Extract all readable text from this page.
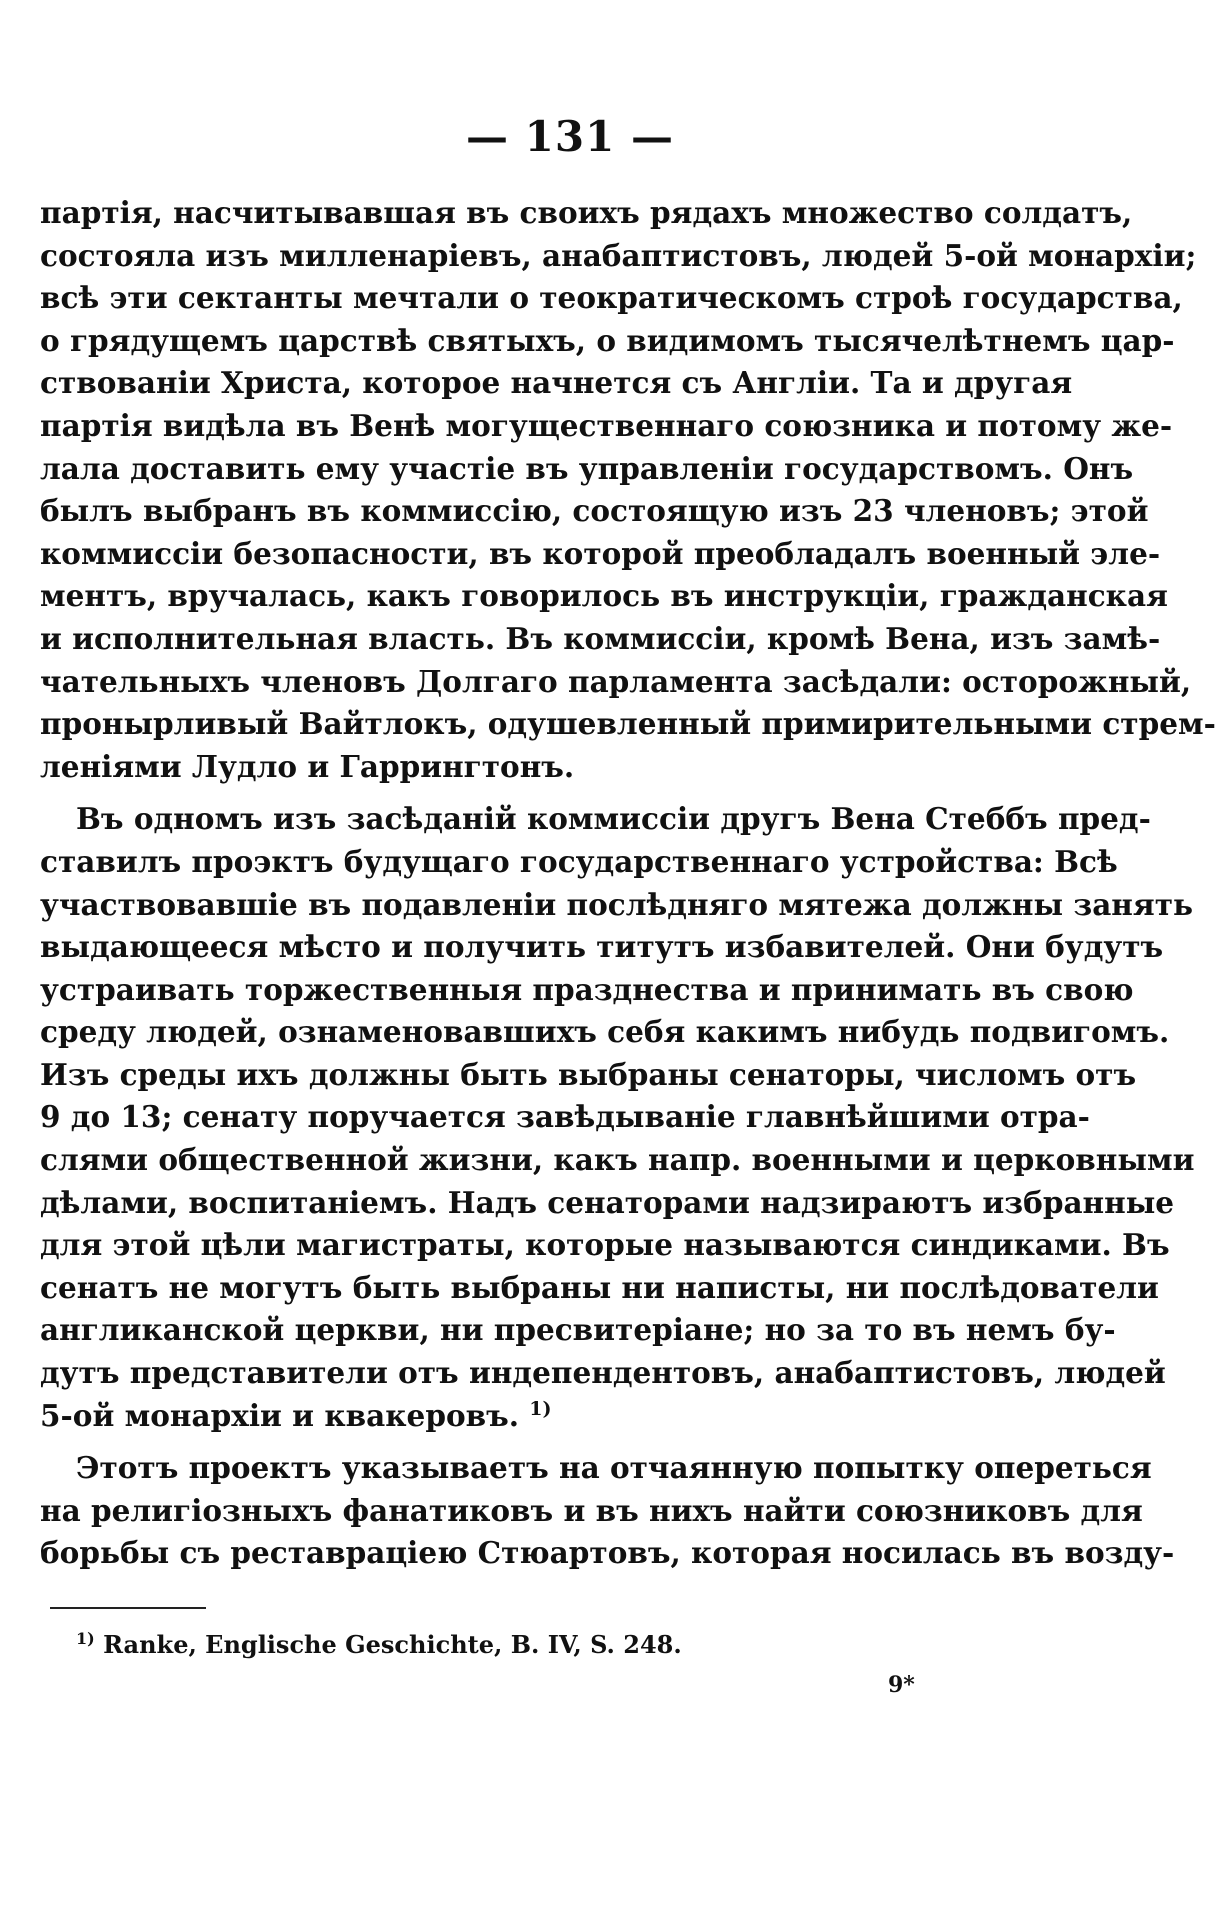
— 131 —
партія, насчитывавшая въ своихъ рядахъ множество солдатъ,
состояла изъ милленаріевъ, анабаптистовъ, людей 5-ой монархіи;
всѣ эти сектанты мечтали о теократическомъ строѣ государства,
о грядущемъ царствѣ святыхъ, о видимомъ тысячелѣтнемъ цар-
ствованіи Христа, которое начнется съ Англіи. Та и другая
партія видѣла въ Венѣ могущественнаго союзника и потому же-
лала доставить ему участіе въ управленіи государствомъ. Онъ
былъ выбранъ въ коммиссію, состоящую изъ 23 членовъ; этой
коммиссіи безопасности, въ которой преобладалъ военный эле-
ментъ, вручалась, какъ говорилось въ инструкціи, гражданская
и исполнительная власть. Въ коммиссіи, кромѣ Вена, изъ замѣ-
чательныхъ членовъ Долгаго парламента засѣдали: осторожный,
пронырливый Вайтлокъ, одушевленный примирительными стрем-
леніями Лудло и Гаррингтонъ.
Въ одномъ изъ засѣданій коммиссіи другъ Вена Стеббъ пред-
ставилъ проэктъ будущаго государственнаго устройства: Всѣ
участвовавшіе въ подавленіи послѣдняго мятежа должны занять
выдающееся мѣсто и получить титутъ избавителей. Они будутъ
устраивать торжественныя празднества и принимать въ свою
среду людей, ознаменовавшихъ себя какимъ нибудь подвигомъ.
Изъ среды ихъ должны быть выбраны сенаторы, числомъ отъ
9 до 13; сенату поручается завѣдываніе главнѣйшими отра-
слями общественной жизни, какъ напр. военными и церковными
дѣлами, воспитаніемъ. Надъ сенаторами надзираютъ избранные
для этой цѣли магистраты, которые называются синдиками. Въ
сенатъ не могутъ быть выбраны ни написты, ни послѣдователи
англиканской церкви, ни пресвитеріане; но за то въ немъ бу-
дутъ представители отъ индепендентовъ, анабаптистовъ, людей
5-ой монархіи и квакеровъ. $^{1)}$
Этотъ проектъ указываетъ на отчаянную попытку опереться
на религіозныхъ фанатиковъ и въ нихъ найти союзниковъ для
борьбы съ реставраціею Стюартовъ, которая носилась въ возду-
$^{1)}$ Ranke, Englische Geschichte, B. IV, S. 248.
9*
